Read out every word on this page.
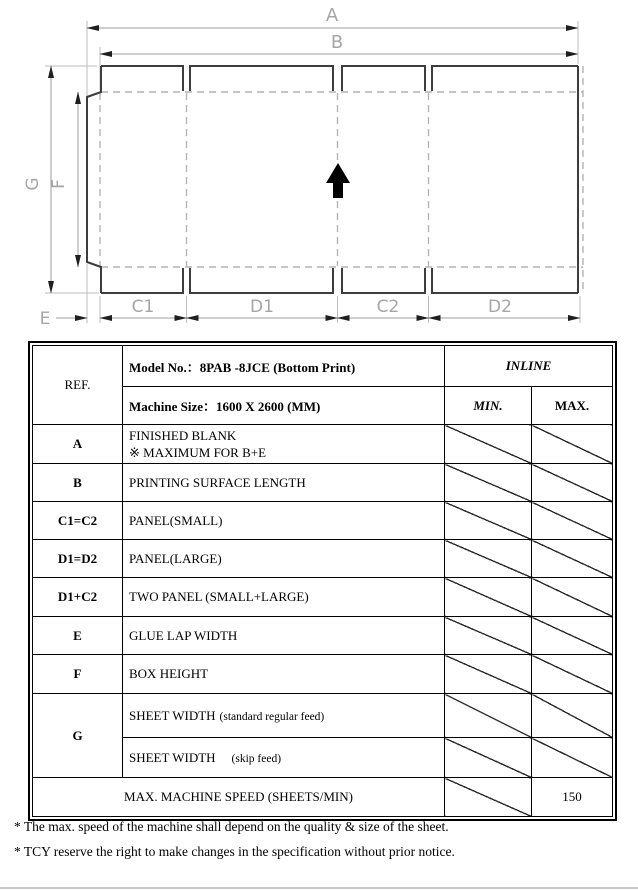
A
B
G F
E
C1	D1	C2	D2
REF.	Model No.：8PAB -8JCE (Bottom Print)	INLINE	
	Machine Size：1600 X 2600 (MM)	MIN.	MAX.
A	FINISHED BLANK
※ MAXIMUM FOR B+E		

B	PRINTING SURFACE LENGTH		
C1=C2	PANEL(SMALL)		
D1=D2	PANEL(LARGE)		
D1+C2	TWO PANEL (SMALL+LARGE)		
E	GLUE LAP WIDTH		
F	BOX HEIGHT		
G	SHEET WIDTH (standard regular feed)		
	SHEET WIDTH (skip feed)		
MAX. MACHINE SPEED (SHEETS/MIN)			150
* The max. speed of the machine shall depend on the quality & size of the sheet.
* TCY reserve the right to make changes in the specification without prior notice.
